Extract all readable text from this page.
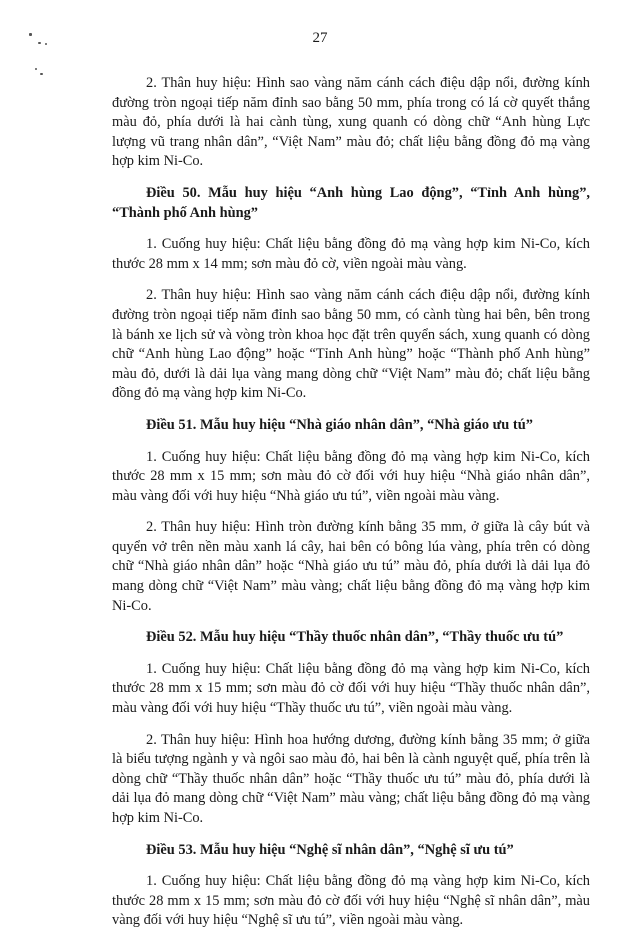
27

2. Thân huy hiệu: Hình sao vàng năm cánh cách điệu dập nổi, đường kính đường tròn ngoại tiếp năm đỉnh sao bằng 50 mm, phía trong có lá cờ quyết thắng màu đỏ, phía dưới là hai cành tùng, xung quanh có dòng chữ “Anh hùng Lực lượng vũ trang nhân dân”, “Việt Nam” màu đỏ; chất liệu bằng đồng đỏ mạ vàng hợp kim Ni-Co.

Điều 50. Mẫu huy hiệu “Anh hùng Lao động”, “Tỉnh Anh hùng”, “Thành phố Anh hùng”

1. Cuống huy hiệu: Chất liệu bằng đồng đỏ mạ vàng hợp kim Ni-Co, kích thước 28 mm x 14 mm; sơn màu đỏ cờ, viền ngoài màu vàng.

2. Thân huy hiệu: Hình sao vàng năm cánh cách điệu dập nổi, đường kính đường tròn ngoại tiếp năm đỉnh sao bằng 50 mm, có cành tùng hai bên, bên trong là bánh xe lịch sử và vòng tròn khoa học đặt trên quyển sách, xung quanh có dòng chữ “Anh hùng Lao động” hoặc “Tỉnh Anh hùng” hoặc “Thành phố Anh hùng” màu đỏ, dưới là dải lụa vàng mang dòng chữ “Việt Nam” màu đỏ; chất liệu bằng đồng đỏ mạ vàng hợp kim Ni-Co.

Điều 51. Mẫu huy hiệu “Nhà giáo nhân dân”, “Nhà giáo ưu tú”

1. Cuống huy hiệu: Chất liệu bằng đồng đỏ mạ vàng hợp kim Ni-Co, kích thước 28 mm x 15 mm; sơn màu đỏ cờ đối với huy hiệu “Nhà giáo nhân dân”, màu vàng đối với huy hiệu “Nhà giáo ưu tú”, viền ngoài màu vàng.

2. Thân huy hiệu: Hình tròn đường kính bằng 35 mm, ở giữa là cây bút và quyển vở trên nền màu xanh lá cây, hai bên có bông lúa vàng, phía trên có dòng chữ “Nhà giáo nhân dân” hoặc “Nhà giáo ưu tú” màu đỏ, phía dưới là dải lụa đỏ mang dòng chữ “Việt Nam” màu vàng; chất liệu bằng đồng đỏ mạ vàng hợp kim Ni-Co.

Điều 52. Mẫu huy hiệu “Thầy thuốc nhân dân”, “Thầy thuốc ưu tú”

1. Cuống huy hiệu: Chất liệu bằng đồng đỏ mạ vàng hợp kim Ni-Co, kích thước 28 mm x 15 mm; sơn màu đỏ cờ đối với huy hiệu “Thầy thuốc nhân dân”, màu vàng đối với huy hiệu “Thầy thuốc ưu tú”, viền ngoài màu vàng.

2. Thân huy hiệu: Hình hoa hướng dương, đường kính bằng 35 mm; ở giữa là biểu tượng ngành y và ngôi sao màu đỏ, hai bên là cành nguyệt quế, phía trên là dòng chữ “Thầy thuốc nhân dân” hoặc “Thầy thuốc ưu tú” màu đỏ, phía dưới là dải lụa đỏ mang dòng chữ “Việt Nam” màu vàng; chất liệu bằng đồng đỏ mạ vàng hợp kim Ni-Co.

Điều 53. Mẫu huy hiệu “Nghệ sĩ nhân dân”, “Nghệ sĩ ưu tú”

1. Cuống huy hiệu: Chất liệu bằng đồng đỏ mạ vàng hợp kim Ni-Co, kích thước 28 mm x 15 mm; sơn màu đỏ cờ đối với huy hiệu “Nghệ sĩ nhân dân”, màu vàng đối với huy hiệu “Nghệ sĩ ưu tú”, viền ngoài màu vàng.
